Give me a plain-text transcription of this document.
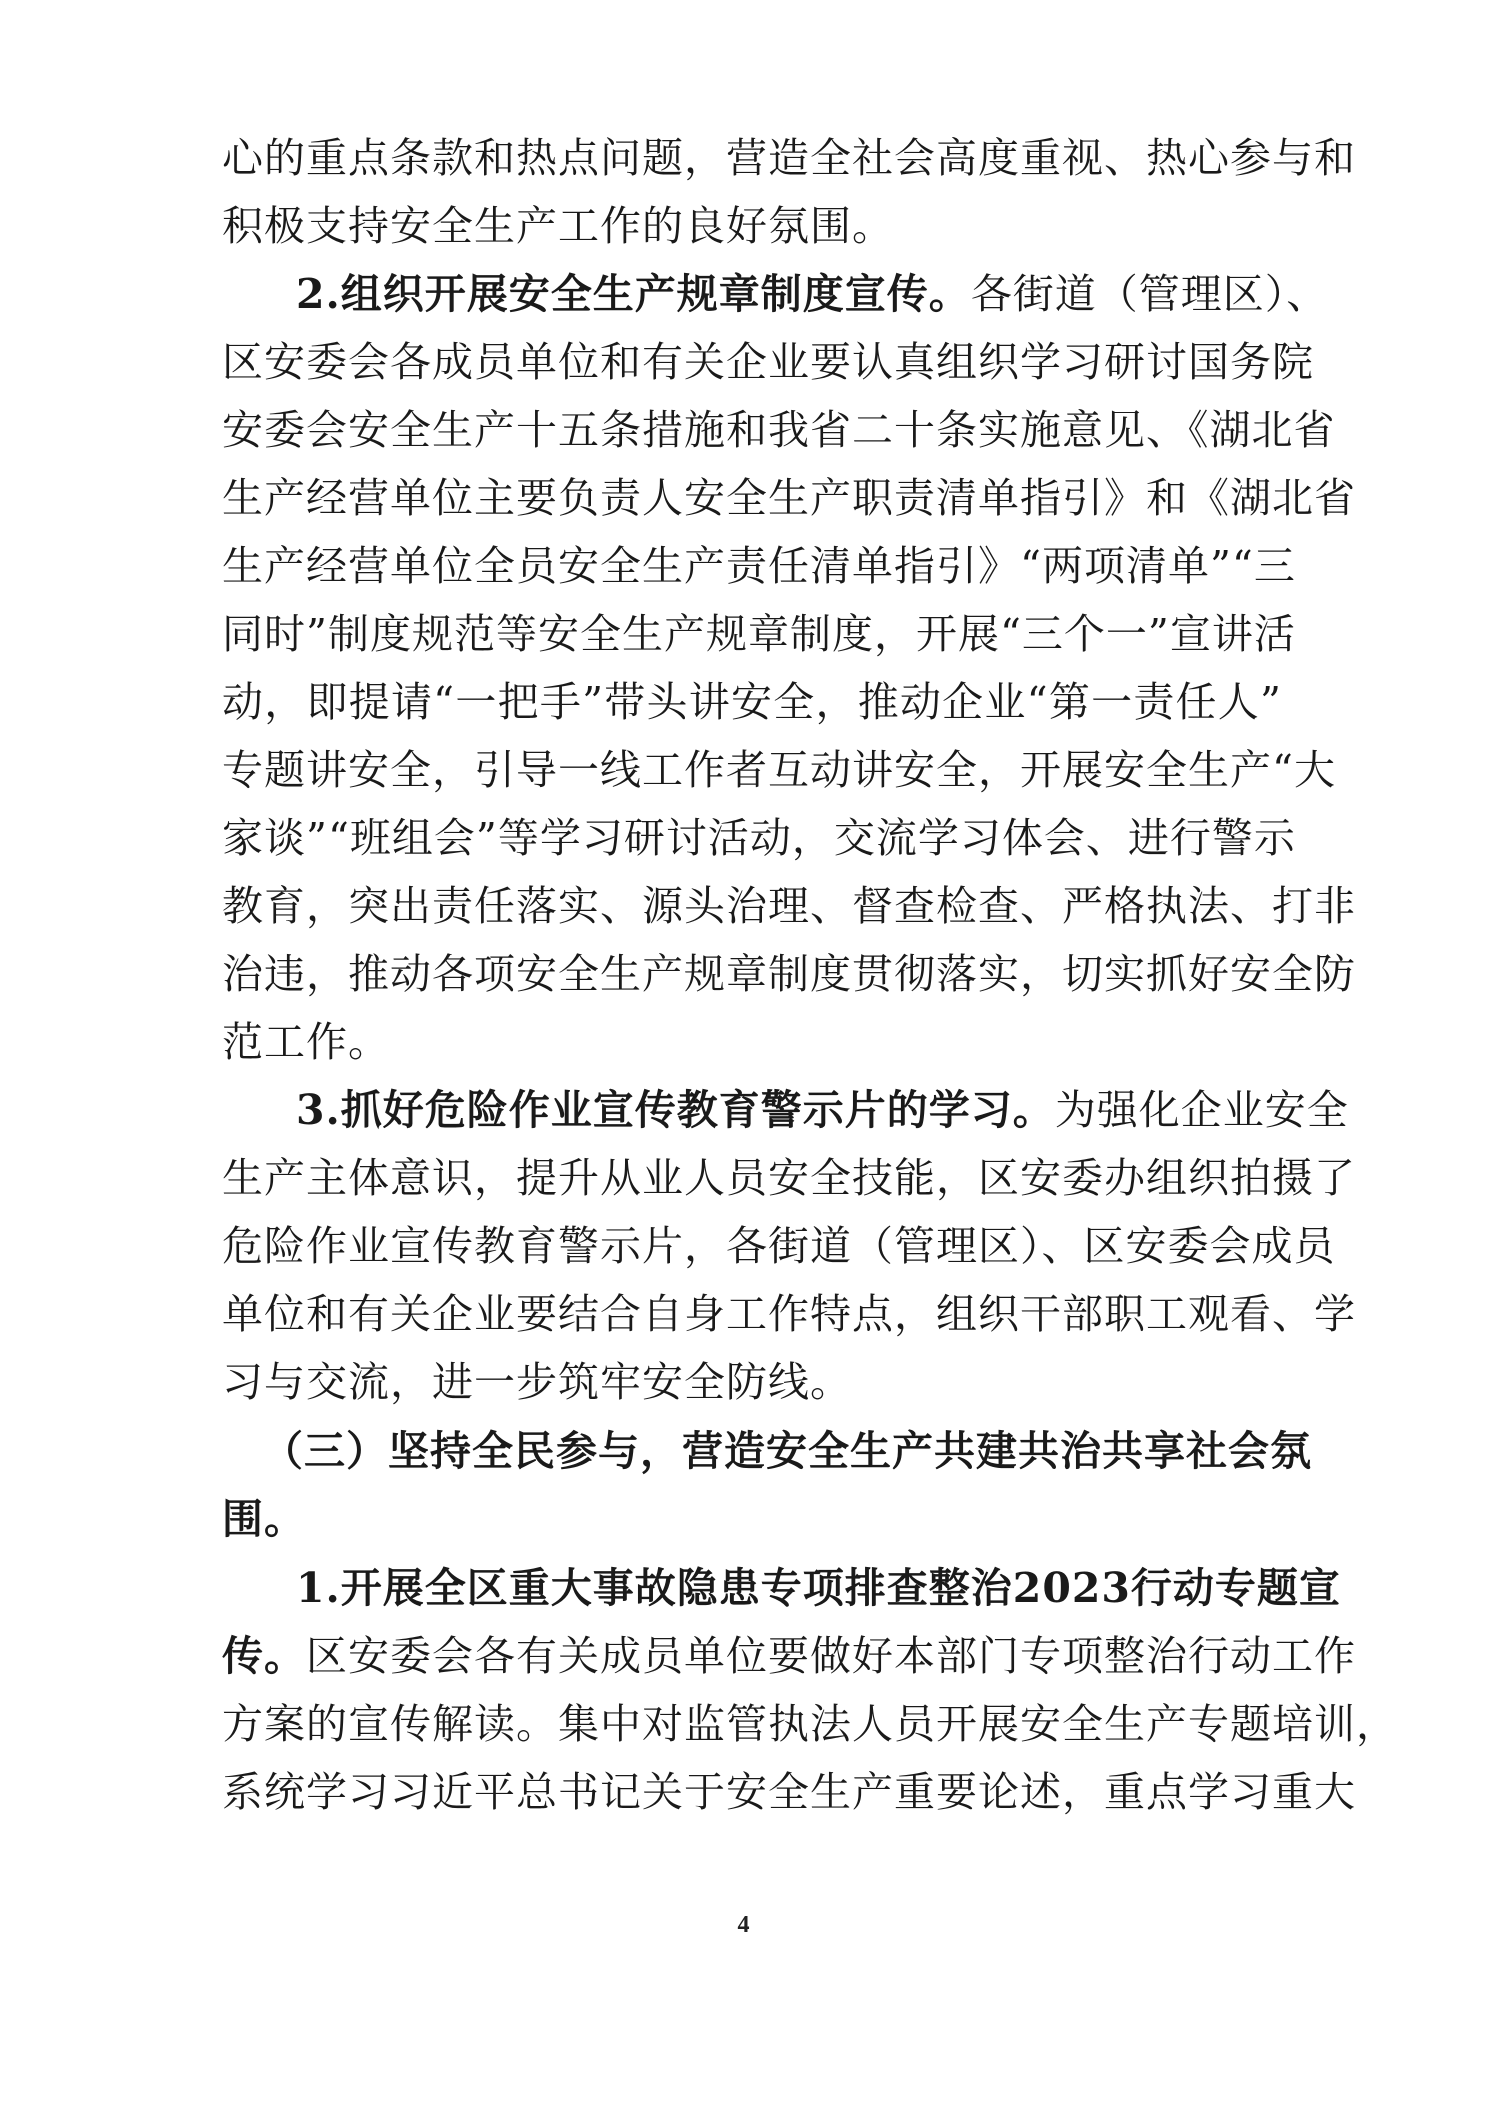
心的重点条款和热点问题，营造全社会高度重视、热心参与和
积极支持安全生产工作的良好氛围。
2.组织开展安全生产规章制度宣传。各街道（管理区）、
区安委会各成员单位和有关企业要认真组织学习研讨国务院
安委会安全生产十五条措施和我省二十条实施意见、《湖北省
生产经营单位主要负责人安全生产职责清单指引》和《湖北省
生产经营单位全员安全生产责任清单指引》“两项清单”“三
同时”制度规范等安全生产规章制度，开展“三个一”宣讲活
动，即提请“一把手”带头讲安全，推动企业“第一责任人”
专题讲安全，引导一线工作者互动讲安全，开展安全生产“大
家谈”“班组会”等学习研讨活动，交流学习体会、进行警示
教育，突出责任落实、源头治理、督查检查、严格执法、打非
治违，推动各项安全生产规章制度贯彻落实，切实抓好安全防
范工作。
3.抓好危险作业宣传教育警示片的学习。为强化企业安全
生产主体意识，提升从业人员安全技能，区安委办组织拍摄了
危险作业宣传教育警示片，各街道（管理区）、区安委会成员
单位和有关企业要结合自身工作特点，组织干部职工观看、学
习与交流，进一步筑牢安全防线。
（三）坚持全民参与，营造安全生产共建共治共享社会氛
围。
1.开展全区重大事故隐患专项排查整治2023行动专题宣
传。区安委会各有关成员单位要做好本部门专项整治行动工作
方案的宣传解读。集中对监管执法人员开展安全生产专题培训，
系统学习习近平总书记关于安全生产重要论述，重点学习重大
4
